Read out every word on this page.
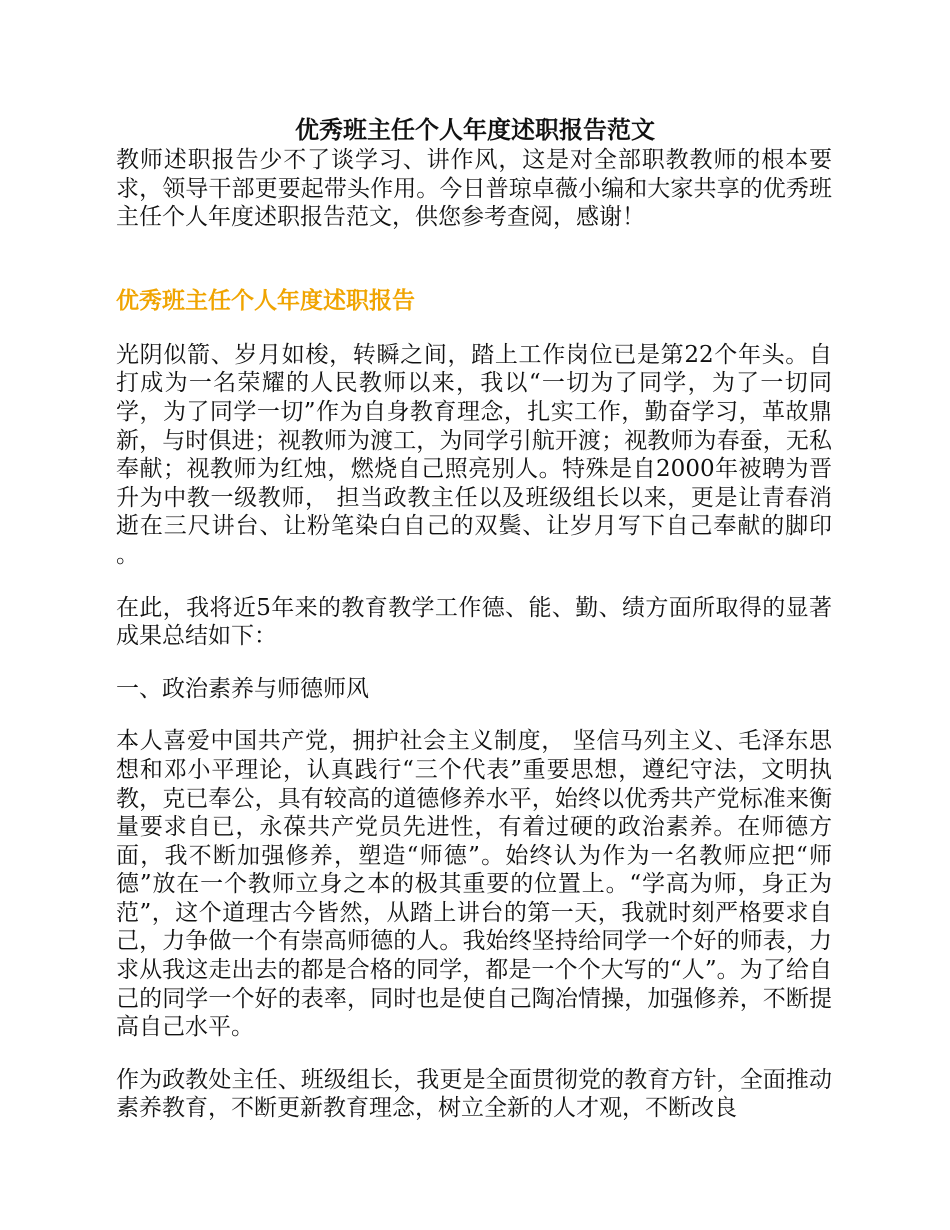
优秀班主任个人年度述职报告范文

教师述职报告少不了谈学习、讲作风，这是对全部职教教师的根本要求，领导干部更要起带头作用。今日普琼卓薇小编和大家共享的优秀班主任个人年度述职报告范文，供您参考查阅，感谢！

优秀班主任个人年度述职报告

光阴似箭、岁月如梭，转瞬之间，踏上工作岗位已是第22个年头。自打成为一名荣耀的人民教师以来，我以“一切为了同学，为了一切同学，为了同学一切”作为自身教育理念，扎实工作，勤奋学习，革故鼎新，与时俱进；视教师为渡工，为同学引航开渡；视教师为春蚕，无私奉献；视教师为红烛，燃烧自己照亮别人。特殊是自2000年被聘为晋升为中教一级教师， 担当政教主任以及班级组长以来，更是让青春消逝在三尺讲台、让粉笔染白自己的双鬓、让岁月写下自己奉献的脚印　　 。

在此，我将近5年来的教育教学工作德、能、勤、绩方面所取得的显著成果总结如下：

一、政治素养与师德师风

本人喜爱中国共产党，拥护社会主义制度， 坚信马列主义、毛泽东思想和邓小平理论，认真践行“三个代表”重要思想，遵纪守法，文明执教，克已奉公，具有较高的道德修养水平，始终以优秀共产党标准来衡量要求自已，永葆共产党员先进性，有着过硬的政治素养。在师德方面，我不断加强修养，塑造“师德”。始终认为作为一名教师应把“师德”放在一个教师立身之本的极其重要的位置上。“学高为师，身正为范”，这个道理古今皆然，从踏上讲台的第一天，我就时刻严格要求自己，力争做一个有崇高师德的人。我始终坚持给同学一个好的师表，力求从我这走出去的都是合格的同学，都是一个个大写的“人”。为了给自己的同学一个好的表率，同时也是使自己陶冶情操，加强修养，不断提高自己水平。

作为政教处主任、班级组长，我更是全面贯彻党的教育方针，全面推动素养教育，不断更新教育理念，树立全新的人才观，不断改良
